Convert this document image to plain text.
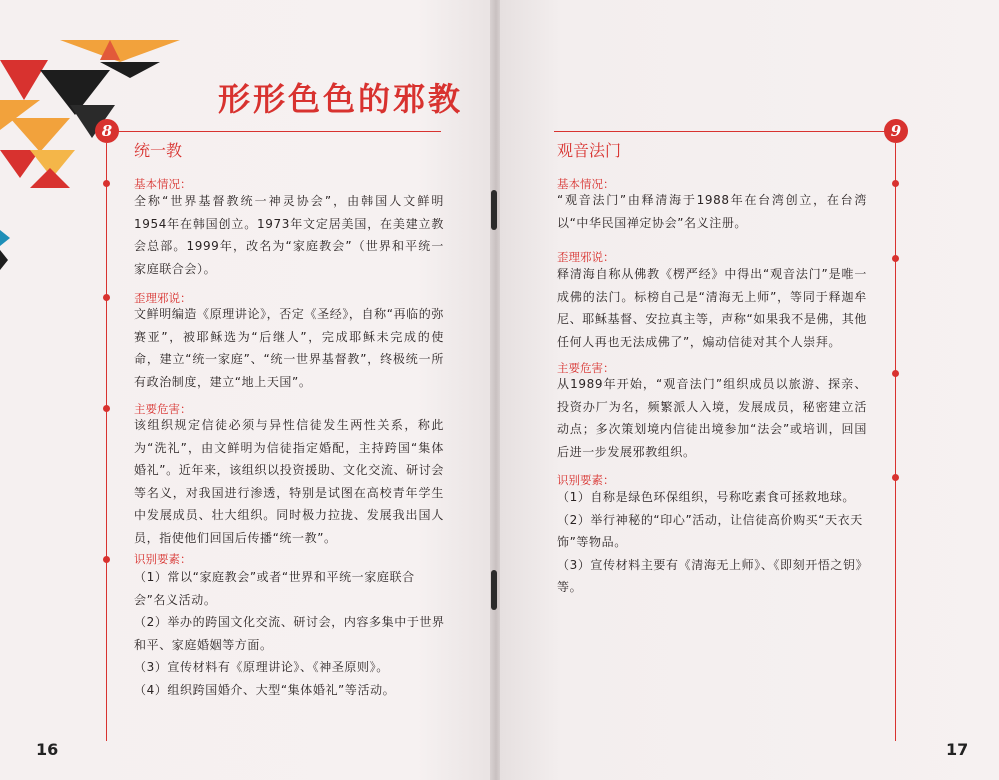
形形色色的邪教
8
统一教
基本情况：
全称“世界基督教统一神灵协会”，由韩国人文鲜明1954年在韩国创立。1973年文定居美国，在美建立教会总部。1999年，改名为“家庭教会”（世界和平统一家庭联合会）。
歪理邪说：
文鲜明编造《原理讲论》，否定《圣经》，自称“再临的弥赛亚”，被耶稣选为“后继人”，完成耶稣未完成的使命，建立“统一家庭”、“统一世界基督教”，终极统一所有政治制度，建立“地上天国”。
主要危害：
该组织规定信徒必须与异性信徒发生两性关系，称此为“洗礼”，由文鲜明为信徒指定婚配，主持跨国“集体婚礼”。近年来，该组织以投资援助、文化交流、研讨会等名义，对我国进行渗透，特别是试图在高校青年学生中发展成员、壮大组织。同时极力拉拢、发展我出国人员，指使他们回国后传播“统一教”。
识别要素：
（1）常以“家庭教会”或者“世界和平统一家庭联合会”名义活动。
（2）举办的跨国文化交流、研讨会，内容多集中于世界和平、家庭婚姻等方面。
（3）宣传材料有《原理讲论》、《神圣原则》。
（4）组织跨国婚介、大型“集体婚礼”等活动。
16
9
观音法门
基本情况：
“观音法门”由释清海于1988年在台湾创立，在台湾以“中华民国禅定协会”名义注册。
歪理邪说：
释清海自称从佛教《楞严经》中得出“观音法门”是唯一成佛的法门。标榜自己是“清海无上师”，等同于释迦牟尼、耶稣基督、安拉真主等，声称“如果我不是佛，其他任何人再也无法成佛了”，煽动信徒对其个人崇拜。
主要危害：
从1989年开始，“观音法门”组织成员以旅游、探亲、投资办厂为名，频繁派人入境，发展成员，秘密建立活动点；多次策划境内信徒出境参加“法会”或培训，回国后进一步发展邪教组织。
识别要素：
（1）自称是绿色环保组织，号称吃素食可拯救地球。
（2）举行神秘的“印心”活动，让信徒高价购买“天衣天饰”等物品。
（3）宣传材料主要有《清海无上师》、《即刻开悟之钥》等。
17
